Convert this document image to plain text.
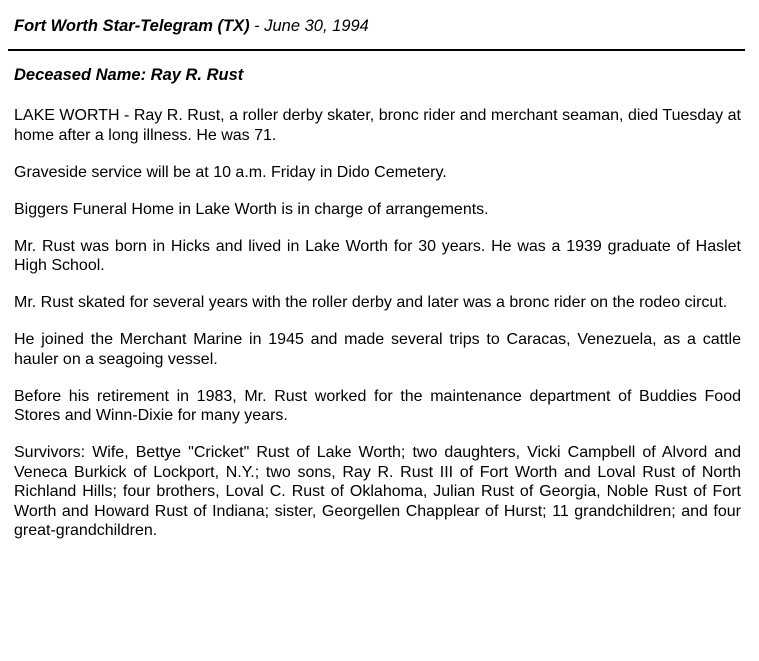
Fort Worth Star-Telegram (TX) - June 30, 1994
Deceased Name: Ray R. Rust

LAKE WORTH - Ray R. Rust, a roller derby skater, bronc rider and merchant seaman, died Tuesday at home after a long illness. He was 71.

Graveside service will be at 10 a.m. Friday in Dido Cemetery.

Biggers Funeral Home in Lake Worth is in charge of arrangements.

Mr. Rust was born in Hicks and lived in Lake Worth for 30 years. He was a 1939 graduate of Haslet High School.

Mr. Rust skated for several years with the roller derby and later was a bronc rider on the rodeo circut.

He joined the Merchant Marine in 1945 and made several trips to Caracas, Venezuela, as a cattle hauler on a seagoing vessel.

Before his retirement in 1983, Mr. Rust worked for the maintenance department of Buddies Food Stores and Winn-Dixie for many years.

Survivors: Wife, Bettye "Cricket" Rust of Lake Worth; two daughters, Vicki Campbell of Alvord and Veneca Burkick of Lockport, N.Y.; two sons, Ray R. Rust III of Fort Worth and Loval Rust of North Richland Hills; four brothers, Loval C. Rust of Oklahoma, Julian Rust of Georgia, Noble Rust of Fort Worth and Howard Rust of Indiana; sister, Georgellen Chapplear of Hurst; 11 grandchildren; and four great-grandchildren.
